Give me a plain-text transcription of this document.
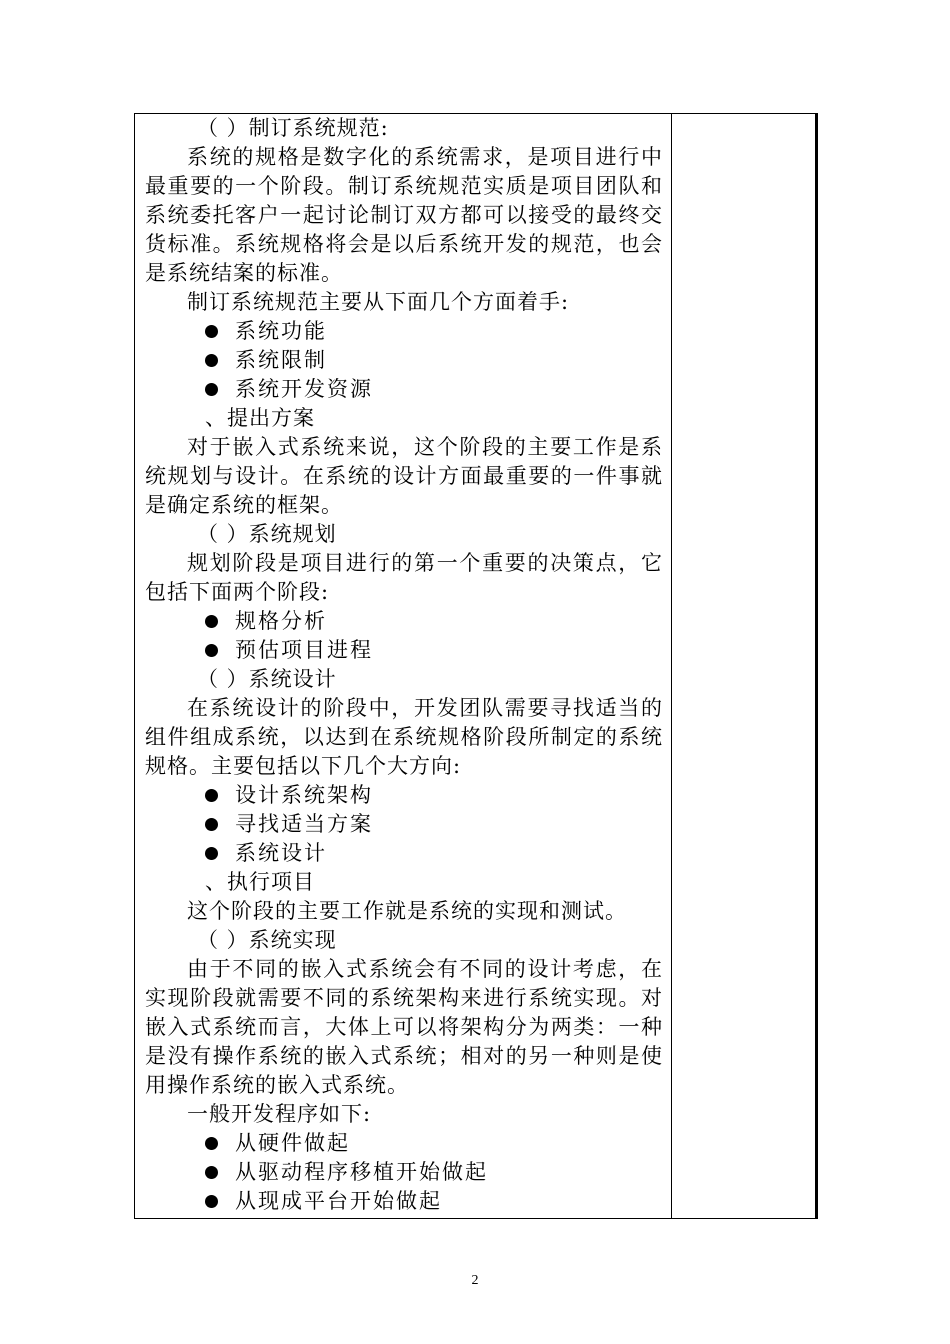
（ ）制订系统规范:

系统的规格是数字化的系统需求，是项目进行中最重要的一个阶段。制订系统规范实质是项目团队和系统委托客户一起讨论制订双方都可以接受的最终交货标准。系统规格将会是以后系统开发的规范，也会是系统结案的标准。

制订系统规范主要从下面几个方面着手:

系统功能

系统限制

系统开发资源

、提出方案

对于嵌入式系统来说，这个阶段的主要工作是系统规划与设计。在系统的设计方面最重要的一件事就是确定系统的框架。

（ ）系统规划

规划阶段是项目进行的第一个重要的决策点，它包括下面两个阶段:

规格分析

预估项目进程

（ ）系统设计

在系统设计的阶段中，开发团队需要寻找适当的组件组成系统，以达到在系统规格阶段所制定的系统规格。主要包括以下几个大方向:

设计系统架构

寻找适当方案

系统设计

、执行项目

这个阶段的主要工作就是系统的实现和测试。

（ ）系统实现

由于不同的嵌入式系统会有不同的设计考虑，在实现阶段就需要不同的系统架构来进行系统实现。对嵌入式系统而言，大体上可以将架构分为两类：一种是没有操作系统的嵌入式系统；相对的另一种则是使用操作系统的嵌入式系统。

一般开发程序如下:

从硬件做起

从驱动程序移植开始做起

从现成平台开始做起

2
